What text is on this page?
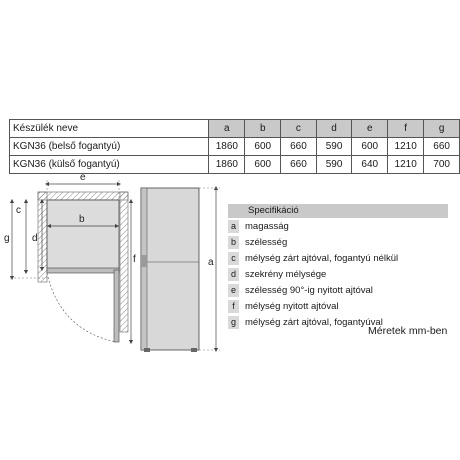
Készülék neve	a	b	c	d	e	f	g
KGN36 (belső fogantyú)	1860	600	660	590	600	1210	660
KGN36 (külső fogantyú)	1860	600	660	590	640	1210	700
e
b
d
c
g
f	a
Specifikáció
a magasság
b szélesség
c mélység zárt ajtóval, fogantyú nélkül
d szekrény mélysége
e szélesség 90°-ig nyitott ajtóval
f	mélység nyitott ajtóval
g mélység zárt ajtóval, fogantyúval
Méretek mm-ben
